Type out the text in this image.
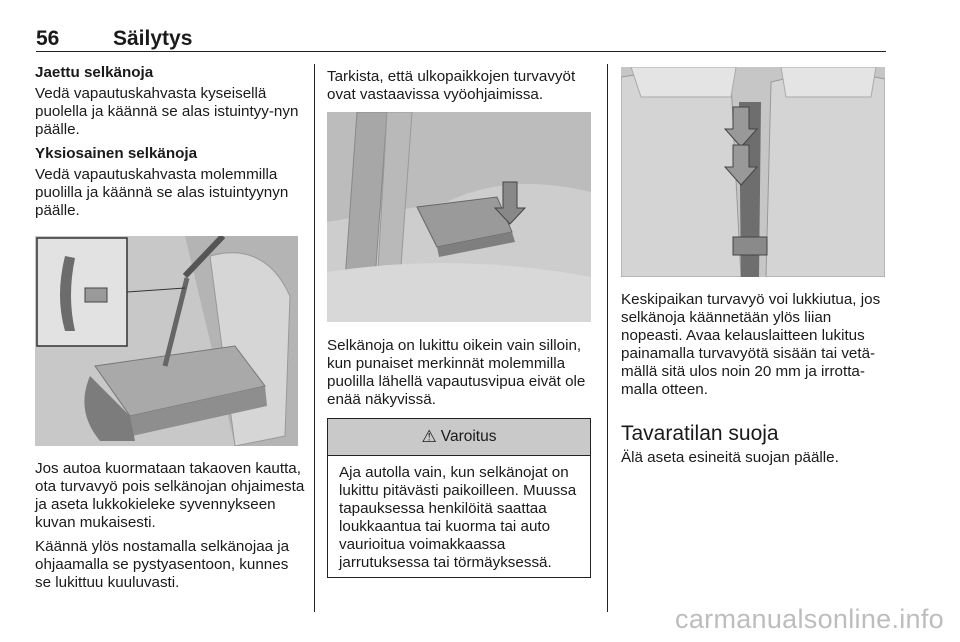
56	Säilytys
Jaettu selkänoja

Vedä vapautuskahvasta kyseisellä puolella ja käännä se alas istuintyy-nyn päälle.

Yksiosainen selkänoja

Vedä vapautuskahvasta molemmilla puolilla ja käännä se alas istuintyynyn päälle.

Jos autoa kuormataan takaoven kautta, ota turvavyö pois selkänojan ohjaimesta ja aseta lukkokieleke syvennykseen kuvan mukaisesti.

Käännä ylös nostamalla selkänojaa ja ohjaamalla se pystyasentoon, kunnes se lukittuu kuuluvasti.

Tarkista, että ulkopaikkojen turvavyöt ovat vastaavissa vyöohjaimissa.

Selkänoja on lukittu oikein vain silloin, kun punaiset merkinnät molemmilla puolilla lähellä vapautusvipua eivät ole enää näkyvissä.

⚠ Varoitus
Aja autolla vain, kun selkänojat on lukittu pitävästi paikoilleen. Muussa tapauksessa henkilöitä saattaa loukkaantua tai kuorma tai auto vaurioitua voimakkaassa jarrutuksessa tai törmäyksessä.

Keskipaikan turvavyö voi lukkiutua, jos selkänoja käännetään ylös liian nopeasti. Avaa kelauslaitteen lukitus painamalla turvavyötä sisään tai vetä-mällä sitä ulos noin 20 mm ja irrotta-malla otteen.

Tavaratilan suoja

Älä aseta esineitä suojan päälle.

carmanualsonline.info
